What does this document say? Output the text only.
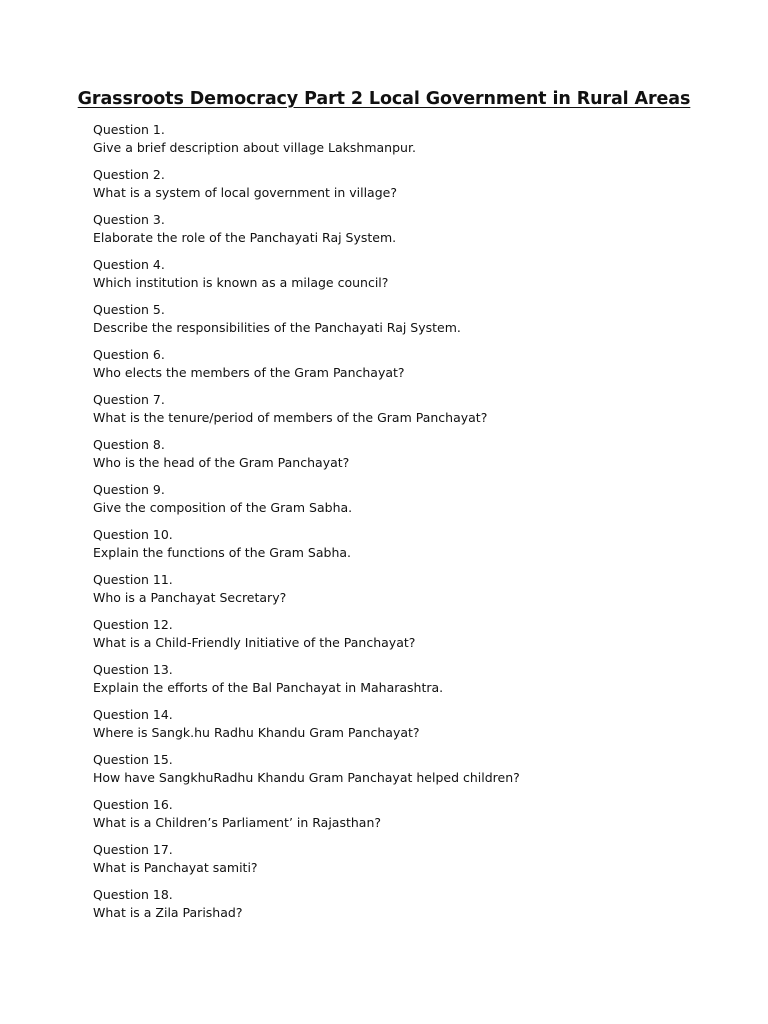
Grassroots Democracy Part 2 Local Government in Rural Areas
Question 1.
Give a brief description about village Lakshmanpur.
Question 2.
What is a system of local government in village?
Question 3.
Elaborate the role of the Panchayati Raj System.
Question 4.
Which institution is known as a milage council?
Question 5.
Describe the responsibilities of the Panchayati Raj System.
Question 6.
Who elects the members of the Gram Panchayat?
Question 7.
What is the tenure/period of members of the Gram Panchayat?
Question 8.
Who is the head of the Gram Panchayat?
Question 9.
Give the composition of the Gram Sabha.
Question 10.
Explain the functions of the Gram Sabha.
Question 11.
Who is a Panchayat Secretary?
Question 12.
What is a Child-Friendly Initiative of the Panchayat?
Question 13.
Explain the efforts of the Bal Panchayat in Maharashtra.
Question 14.
Where is Sangk.hu Radhu Khandu Gram Panchayat?
Question 15.
How have SangkhuRadhu Khandu Gram Panchayat helped children?
Question 16.
What is a Children’s Parliament’ in Rajasthan?
Question 17.
What is Panchayat samiti?
Question 18.
What is a Zila Parishad?
